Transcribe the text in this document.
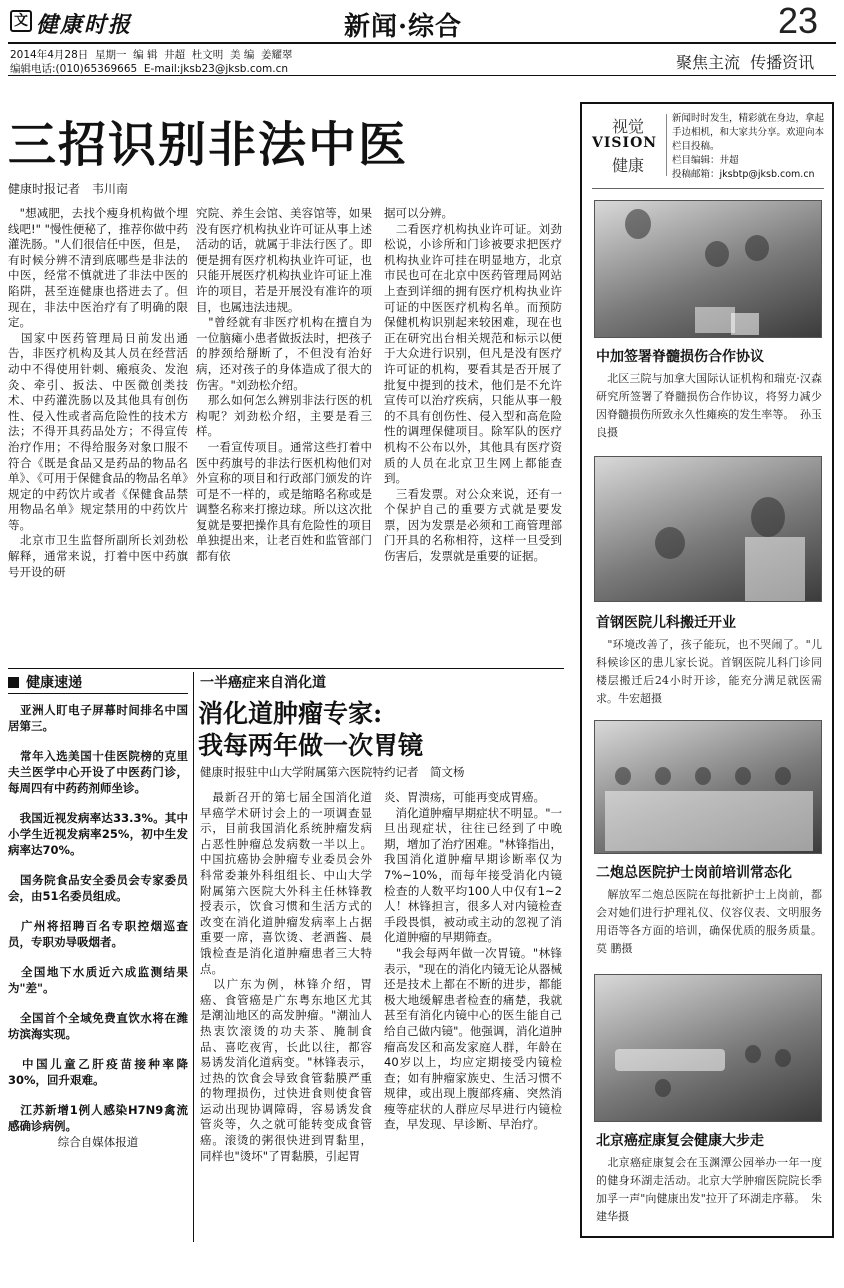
文 健康时报	新闻·综合	23
2014年4月28日  星期一  编 辑  井超  杜文明  美 编  姜耀翠
编辑电话:(010)65369665  E-mail:jksb23@jksb.com.cn	聚焦主流  传播资讯
三招识别非法中医
健康时报记者　韦川南
　"想减肥，去找个瘦身机构做个埋线吧!" "慢性便秘了，推荐你做中药灌洗肠。"人们很信任中医，但是，有时候分辨不清到底哪些是非法的中医，经常不慎就进了非法中医的陷阱，甚至连健康也搭进去了。但现在，非法中医治疗有了明确的限定。
　国家中医药管理局日前发出通告，非医疗机构及其人员在经营活动中不得使用针刺、瘢痕灸、发泡灸、牵引、扳法、中医微创类技术、中药灌洗肠以及其他具有创伤性、侵入性或者高危险性的技术方法；不得开具药品处方；不得宣传治疗作用；不得给服务对象口服不符合《既是食品又是药品的物品名单》、《可用于保健食品的物品名单》规定的中药饮片或者《保健食品禁用物品名单》规定禁用的中药饮片等。
　北京市卫生监督所副所长刘劲松解释，通常来说，打着中医中药旗号开设的研
究院、养生会馆、美容馆等，如果没有医疗机构执业许可证从事上述活动的话，就属于非法行医了。即便是拥有医疗机构执业许可证，也只能开展医疗机构执业许可证上准许的项目，若是开展没有准许的项目，也属违法违规。
　"曾经就有非医疗机构在擅自为一位脑瘫小患者做扳法时，把孩子的脖颈给掰断了，不但没有治好病，还对孩子的身体造成了很大的伤害。"刘劲松介绍。
　那么如何怎么辨别非法行医的机构呢？刘劲松介绍，主要是看三样。
　一看宣传项目。通常这些打着中医中药旗号的非法行医机构他们对外宣称的项目和行政部门颁发的许可是不一样的，或是缩略名称或是调整名称来打擦边球。所以这次批复就是要把操作具有危险性的项目单独提出来，让老百姓和监管部门都有依
据可以分辨。
　二看医疗机构执业许可证。刘劲松说，小诊所和门诊被要求把医疗机构执业许可挂在明显地方，北京市民也可在北京中医药管理局网站上查到详细的拥有医疗机构执业许可证的中医医疗机构名单。而预防保健机构识别起来较困难，现在也正在研究出台相关规范和标示以便于大众进行识别，但凡是没有医疗许可证的机构，要看其是否开展了批复中提到的技术，他们是不允许宣传可以治疗疾病，只能从事一般的不具有创伤性、侵入型和高危险性的调理保健项目。除军队的医疗机构不公布以外，其他具有医疗资质的人员在北京卫生网上都能查到。
　三看发票。对公众来说，还有一个保护自己的重要方式就是要发票，因为发票是必须和工商管理部门开具的名称相符，这样一旦受到伤害后，发票就是重要的证据。
健康速递
　亚洲人盯电子屏幕时间排名中国居第三。
　常年入选美国十佳医院榜的克里夫兰医学中心开设了中医药门诊，每周四有中药药剂师坐诊。
　我国近视发病率达33.3%。其中小学生近视发病率25%，初中生发病率达70%。
　国务院食品安全委员会专家委员会，由51名委员组成。
　广州将招聘百名专职控烟巡查员，专职劝导吸烟者。
　全国地下水质近六成监测结果为"差"。
　全国首个全域免费直饮水将在潍坊滨海实现。
　中国儿童乙肝疫苗接种率降30%，回升艰难。
　江苏新增1例人感染H7N9禽流感确诊病例。
综合自媒体报道
一半癌症来自消化道
消化道肿瘤专家:
我每两年做一次胃镜
健康时报驻中山大学附属第六医院特约记者　简文杨
　最新召开的第七届全国消化道早癌学术研讨会上的一项调查显示，目前我国消化系统肿瘤发病占恶性肿瘤总发病数一半以上。中国抗癌协会肿瘤专业委员会外科常委兼外科组组长、中山大学附属第六医院大外科主任林锋教授表示，饮食习惯和生活方式的改变在消化道肿瘤发病率上占据重要一席，喜饮烫、老酒酱、晨饿检查是消化道肿瘤患者三大特点。
　以广东为例，林锋介绍，胃癌、食管癌是广东粤东地区尤其是潮汕地区的高发肿瘤。"潮汕人热衷饮滚烫的功夫茶、腌制食品、喜吃夜宵，长此以往，都容易诱发消化道病变。"林锋表示，过热的饮食会导致食管黏膜严重的物理损伤，过快进食则使食管运动出现协调障碍，容易诱发食管炎等，久之就可能转变成食管癌。滚烫的粥很快进到胃黏里，同样也"烫坏"了胃黏膜，引起胃
炎、胃溃疡，可能再变成胃癌。
　消化道肿瘤早期症状不明显。"一旦出现症状，往往已经到了中晚期，增加了治疗困难。"林锋指出，我国消化道肿瘤早期诊断率仅为7%~10%，而每年接受消化内镜检查的人数平均100人中仅有1~2人！林锋担言，很多人对内镜检查手段畏惧，被动或主动的忽视了消化道肿瘤的早期筛查。
　"我会每两年做一次胃镜。"林锋表示，"现在的消化内镜无论从器械还是技术上都在不断的进步，都能极大地缓解患者检查的痛楚，我就甚至有消化内镜中心的医生能自己给自己做内镜"。他强调，消化道肿瘤高发区和高发家庭人群，年龄在40岁以上，均应定期接受内镜检查；如有肿瘤家族史、生活习惯不规律，或出现上腹部疼痛、突然消瘦等症状的人群应尽早进行内镜检查，早发现、早诊断、早治疗。
视觉
VISION
健康
新闻时时发生，精彩就在身边，拿起手边相机，和大家共分享。欢迎向本栏目投稿。
栏目编辑：井超
投稿邮箱：jksbtp@jksb.com.cn
中加签署脊髓损伤合作协议
　北区三院与加拿大国际认证机构和瑞克·汉森研究所签署了脊髓损伤合作协议，将努力减少因脊髓损伤所致永久性瘫痪的发生率等。　孙玉良摄
首钢医院儿科搬迁开业
　"环境改善了，孩子能玩，也不哭闹了。"儿科候诊区的患儿家长说。首钢医院儿科门诊同楼层搬迁后24小时开诊，能充分满足就医需求。牛宏超摄
二炮总医院护士岗前培训常态化
　解放军二炮总医院在每批新护士上岗前，都会对她们进行护理礼仪、仪容仪表、文明服务用语等各方面的培训，确保优质的服务质量。莫 鹏摄
北京癌症康复会健康大步走
　北京癌症康复会在玉渊潭公园举办一年一度的健身环湖走活动。北京大学肿瘤医院院长季加孚一声"向健康出发"拉开了环湖走序幕。　朱建华摄
